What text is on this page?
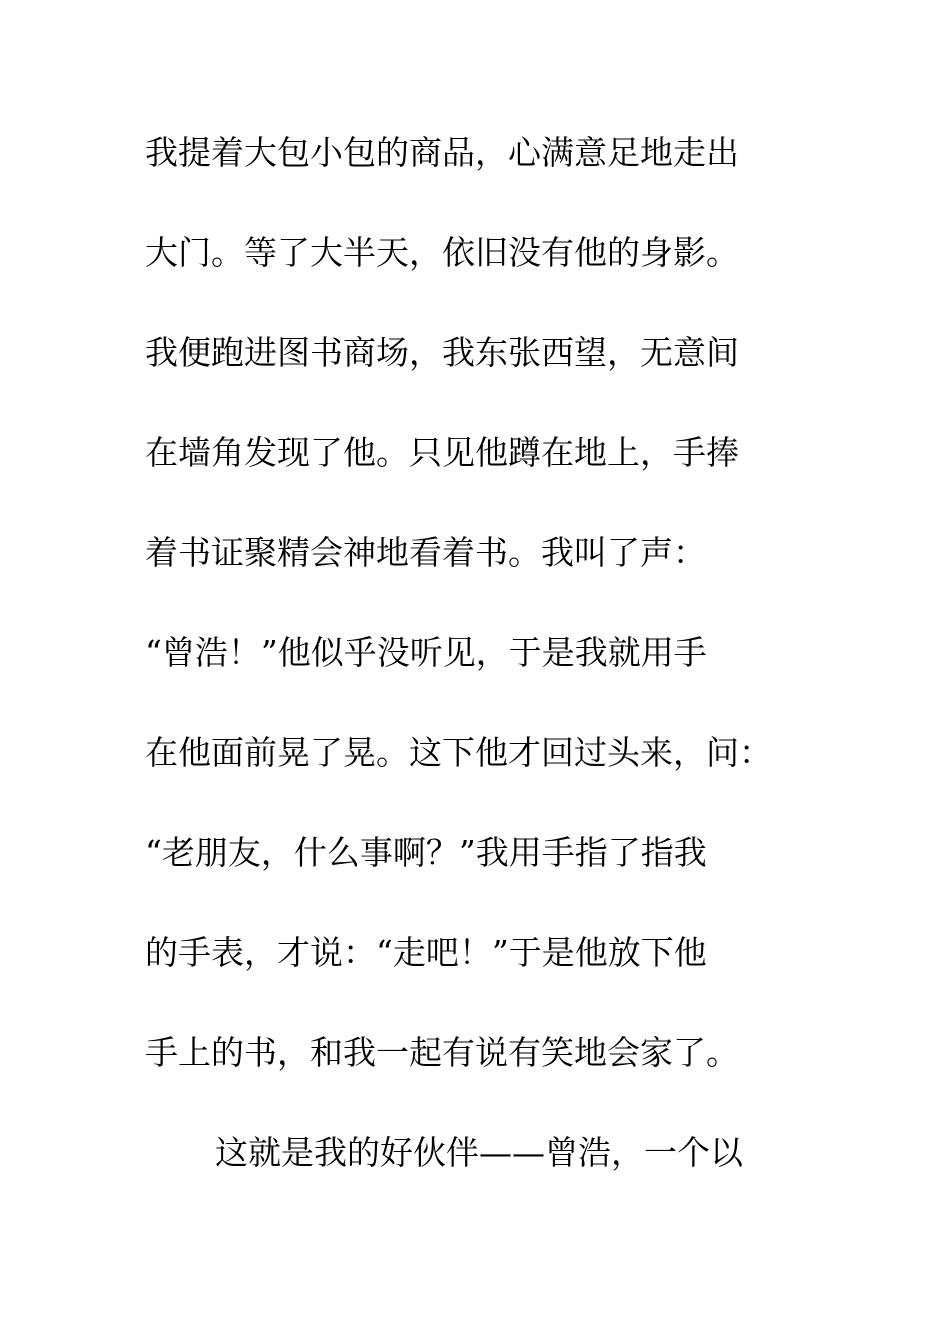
我提着大包小包的商品，心满意足地走出
大门。等了大半天，依旧没有他的身影。
我便跑进图书商场，我东张西望，无意间
在墙角发现了他。只见他蹲在地上，手捧
着书证聚精会神地看着书。我叫了声：
“曾浩！”他似乎没听见，于是我就用手
在他面前晃了晃。这下他才回过头来，问：
“老朋友，什么事啊？”我用手指了指我
的手表，才说：“走吧！”于是他放下他
手上的书，和我一起有说有笑地会家了。
这就是我的好伙伴——曾浩，一个以
